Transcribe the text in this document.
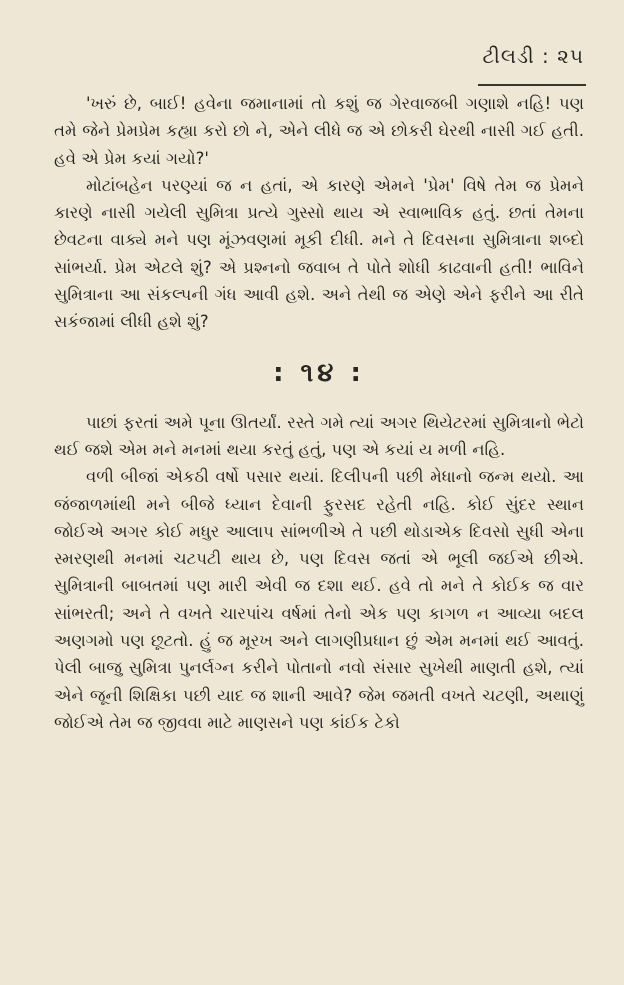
ટીલડી : ૨૫

'ખરું છે, બાઈ! હવેના જમાનામાં તો કશું જ ગેરવાજબી ગણાશે નહિ! પણ તમે જેને પ્રેમપ્રેમ કહ્યા કરો છો ને, એને લીધે જ એ છોકરી ઘેરથી નાસી ગઈ હતી. હવે એ પ્રેમ કયાં ગયો?'

મોટાંબહેન પરણ્યાં જ ન હતાં, એ કારણે એમને 'પ્રેમ' વિષે તેમ જ પ્રેમને કારણે નાસી ગયેલી સુમિત્રા પ્રત્યે ગુસ્સો થાય એ સ્વાભાવિક હતું. છતાં તેમના છેવટના વાક્યે મને પણ મૂંઝવણમાં મૂકી દીધી. મને તે દિવસના સુમિત્રાના શબ્દો સાંભર્યા. પ્રેમ એટલે શું? એ પ્રશ્નનો જવાબ તે પોતે શોધી કાઢવાની હતી! ભાવિને સુમિત્રાના આ સંકલ્પની ગંધ આવી હશે. અને તેથી જ એણે એને ફરીને આ રીતે સકંજામાં લીધી હશે શું?

: ૧૪ :

પાછાં ફરતાં અમે પૂના ઊતર્યાં. રસ્તે ગમે ત્યાં અગર થિયેટરમાં સુમિત્રાનો ભેટો થઈ જશે એમ મને મનમાં થયા કરતું હતું, પણ એ કયાં ય મળી નહિ.

વળી બીજાં એકઠી વર્ષો પસાર થયાં. દિલીપની પછી મેધાનો જન્મ થયો. આ જંજાળમાંથી મને બીજે ધ્યાન દેવાની ફુરસદ રહેતી નહિ. કોઈ સુંદર સ્થાન જોઈએ અગર કોઈ મધુર આલાપ સાંભળીએ તે પછી થોડાએક દિવસો સુધી એના સ્મરણથી મનમાં ચટપટી થાય છે, પણ દિવસ જતાં એ ભૂલી જઈએ છીએ. સુમિત્રાની બાબતમાં પણ મારી એવી જ દશા થઈ. હવે તો મને તે કોઈક જ વાર સાંભરતી; અને તે વખતે ચારપાંચ વર્ષમાં તેનો એક પણ કાગળ ન આવ્યા બદલ અણગમો પણ છૂટતો. હું જ મૂરખ અને લાગણીપ્રધાન છું એમ મનમાં થઈ આવતું. પેલી બાજુ સુમિત્રા પુનર્લગ્ન કરીને પોતાનો નવો સંસાર સુખેથી માણતી હશે, ત્યાં એને જૂની શિક્ષિકા પછી યાદ જ શાની આવે? જેમ જમતી વખતે ચટણી, અથાણું જોઈએ તેમ જ જીવવા માટે માણસને પણ કાંઈક ટેકો
